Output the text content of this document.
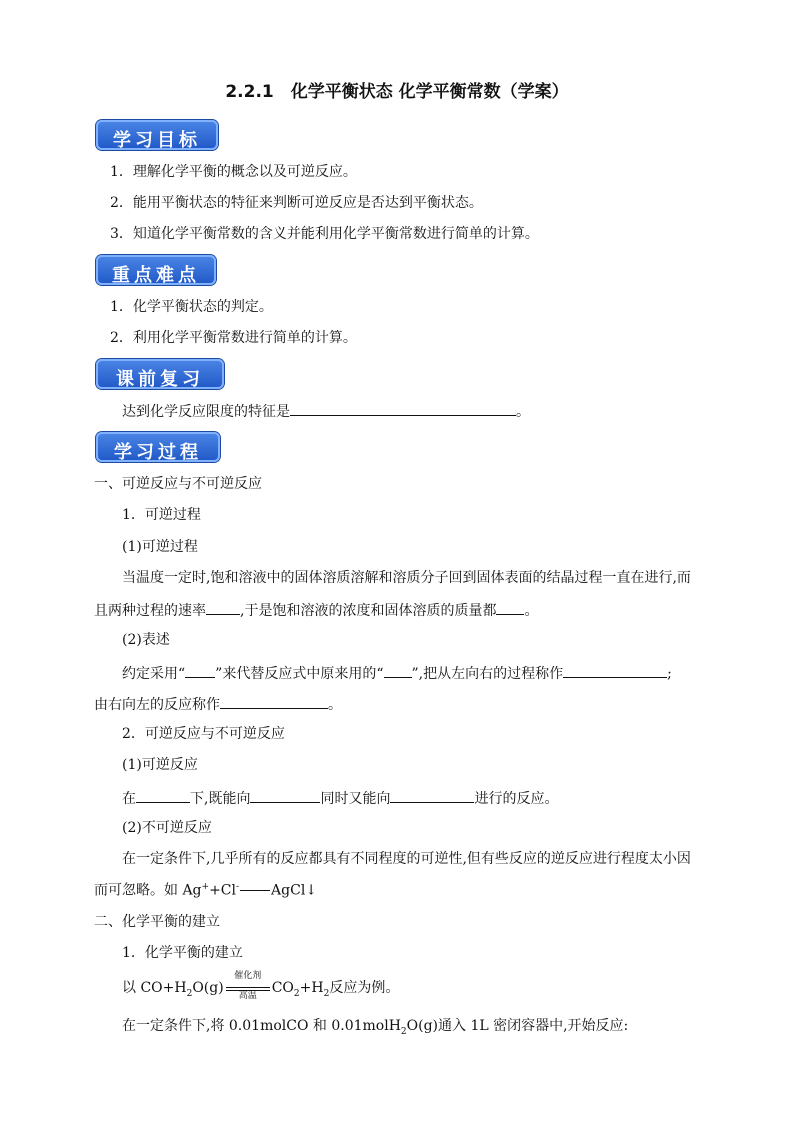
2.2.1　化学平衡状态 化学平衡常数（学案）
学习目标
1．理解化学平衡的概念以及可逆反应。
2．能用平衡状态的特征来判断可逆反应是否达到平衡状态。
3．知道化学平衡常数的含义并能利用化学平衡常数进行简单的计算。
重点难点
1．化学平衡状态的判定。
2．利用化学平衡常数进行简单的计算。
课前复习
达到化学反应限度的特征是	。
学习过程
一、可逆反应与不可逆反应
1．可逆过程
(1)可逆过程
当温度一定时,饱和溶液中的固体溶质溶解和溶质分子回到固体表面的结晶过程一直在进行,而
且两种过程的速率 ,于是饱和溶液的浓度和固体溶质的质量都 。
(2)表述
约定采用“ ”来代替反应式中原来用的“ ”,把从左向右的过程称作	;
由右向左的反应称作	。
2．可逆反应与不可逆反应
(1)可逆反应
在	下,既能向	同时又能向	进行的反应。
(2)不可逆反应
在一定条件下,几乎所有的反应都具有不同程度的可逆性,但有些反应的逆反应进行程度太小因
而可忽略。如 Ag++Cl- AgCl↓
二、化学平衡的建立
1．化学平衡的建立
以 $CO+H_2O(g)$
催化剂
高温	$CO_2+H_2$反应为例。
在一定条件下,将 0.01molCO 和 0.01molH$_2$O(g)通入 1L 密闭容器中,开始反应:
